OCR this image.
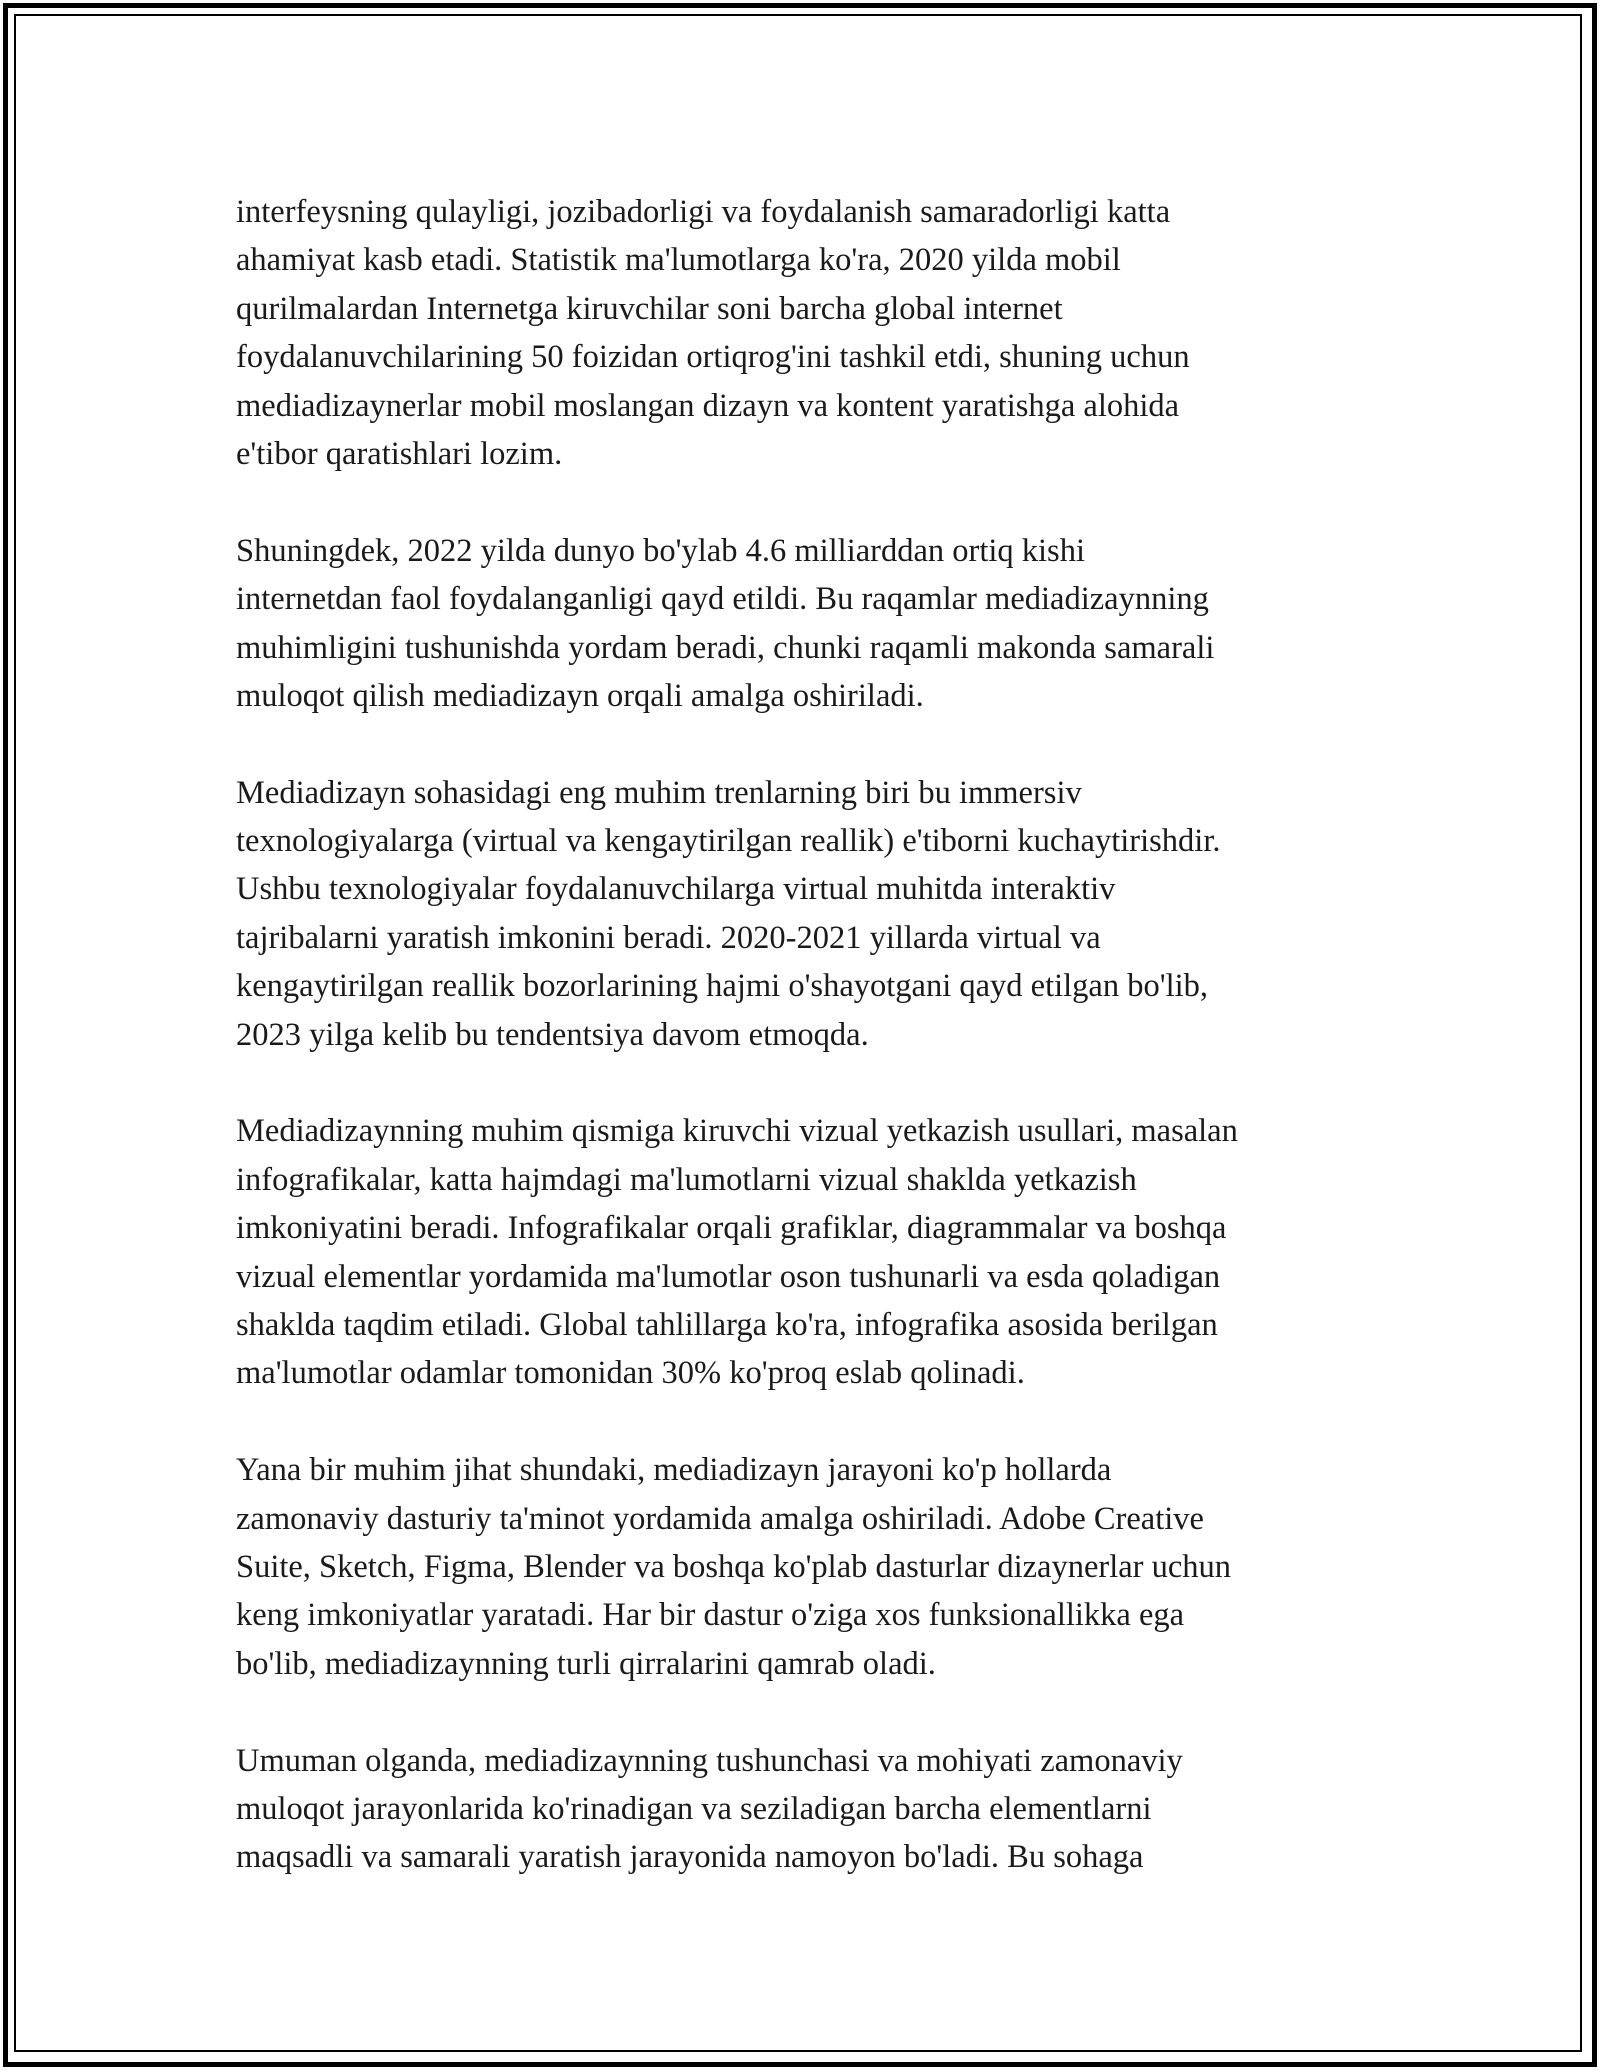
interfeysning qulayligi, jozibadorligi va foydalanish samaradorligi katta
ahamiyat kasb etadi. Statistik ma'lumotlarga ko'ra, 2020 yilda mobil
qurilmalardan Internetga kiruvchilar soni barcha global internet
foydalanuvchilarining 50 foizidan ortiqrog'ini tashkil etdi, shuning uchun
mediadizaynerlar mobil moslangan dizayn va kontent yaratishga alohida
e'tibor qaratishlari lozim.

Shuningdek, 2022 yilda dunyo bo'ylab 4.6 milliarddan ortiq kishi
internetdan faol foydalanganligi qayd etildi. Bu raqamlar mediadizaynning
muhimligini tushunishda yordam beradi, chunki raqamli makonda samarali
muloqot qilish mediadizayn orqali amalga oshiriladi.

Mediadizayn sohasidagi eng muhim trenlarning biri bu immersiv
texnologiyalarga (virtual va kengaytirilgan reallik) e'tiborni kuchaytirishdir.
Ushbu texnologiyalar foydalanuvchilarga virtual muhitda interaktiv
tajribalarni yaratish imkonini beradi. 2020-2021 yillarda virtual va
kengaytirilgan reallik bozorlarining hajmi o'shayotgani qayd etilgan bo'lib,
2023 yilga kelib bu tendentsiya davom etmoqda.

Mediadizaynning muhim qismiga kiruvchi vizual yetkazish usullari, masalan
infografikalar, katta hajmdagi ma'lumotlarni vizual shaklda yetkazish
imkoniyatini beradi. Infografikalar orqali grafiklar, diagrammalar va boshqa
vizual elementlar yordamida ma'lumotlar oson tushunarli va esda qoladigan
shaklda taqdim etiladi. Global tahlillarga ko'ra, infografika asosida berilgan
ma'lumotlar odamlar tomonidan 30% ko'proq eslab qolinadi.

Yana bir muhim jihat shundaki, mediadizayn jarayoni ko'p hollarda
zamonaviy dasturiy ta'minot yordamida amalga oshiriladi. Adobe Creative
Suite, Sketch, Figma, Blender va boshqa ko'plab dasturlar dizaynerlar uchun
keng imkoniyatlar yaratadi. Har bir dastur o'ziga xos funksionallikka ega
bo'lib, mediadizaynning turli qirralarini qamrab oladi.

Umuman olganda, mediadizaynning tushunchasi va mohiyati zamonaviy
muloqot jarayonlarida ko'rinadigan va seziladigan barcha elementlarni
maqsadli va samarali yaratish jarayonida namoyon bo'ladi. Bu sohaga
